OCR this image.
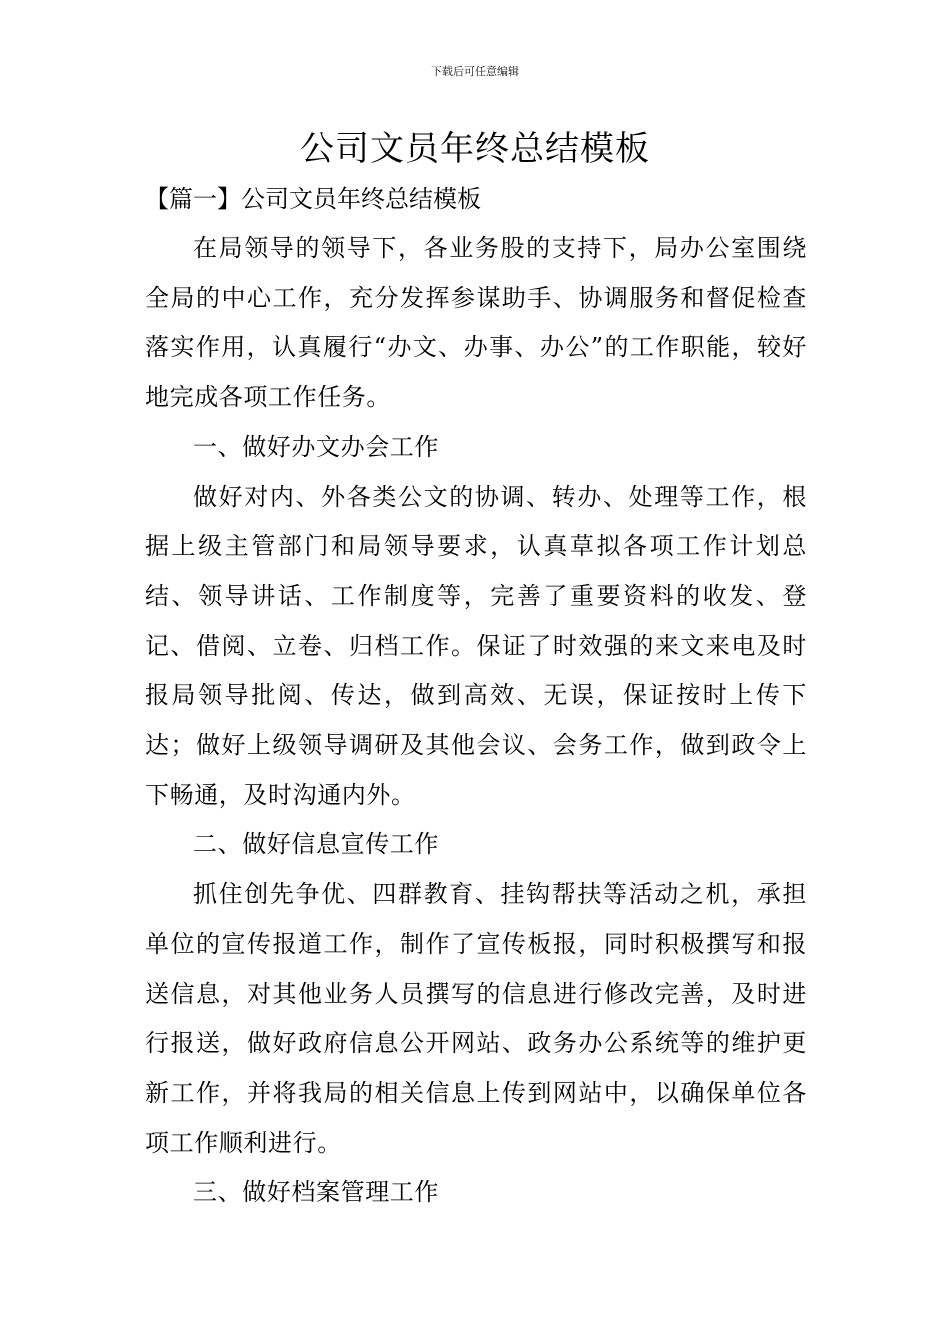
下载后可任意编辑
公司文员年终总结模板

【篇一】公司文员年终总结模板

在局领导的领导下，各业务股的支持下，局办公室围绕全局的中心工作，充分发挥参谋助手、协调服务和督促检查落实作用，认真履行“办文、办事、办公”的工作职能，较好地完成各项工作任务。

一、做好办文办会工作

做好对内、外各类公文的协调、转办、处理等工作，根据上级主管部门和局领导要求，认真草拟各项工作计划总结、领导讲话、工作制度等，完善了重要资料的收发、登记、借阅、立卷、归档工作。保证了时效强的来文来电及时报局领导批阅、传达，做到高效、无误，保证按时上传下达；做好上级领导调研及其他会议、会务工作，做到政令上下畅通，及时沟通内外。

二、做好信息宣传工作

抓住创先争优、四群教育、挂钩帮扶等活动之机，承担单位的宣传报道工作，制作了宣传板报，同时积极撰写和报送信息，对其他业务人员撰写的信息进行修改完善，及时进行报送，做好政府信息公开网站、政务办公系统等的维护更新工作，并将我局的相关信息上传到网站中，以确保单位各项工作顺利进行。

三、做好档案管理工作
